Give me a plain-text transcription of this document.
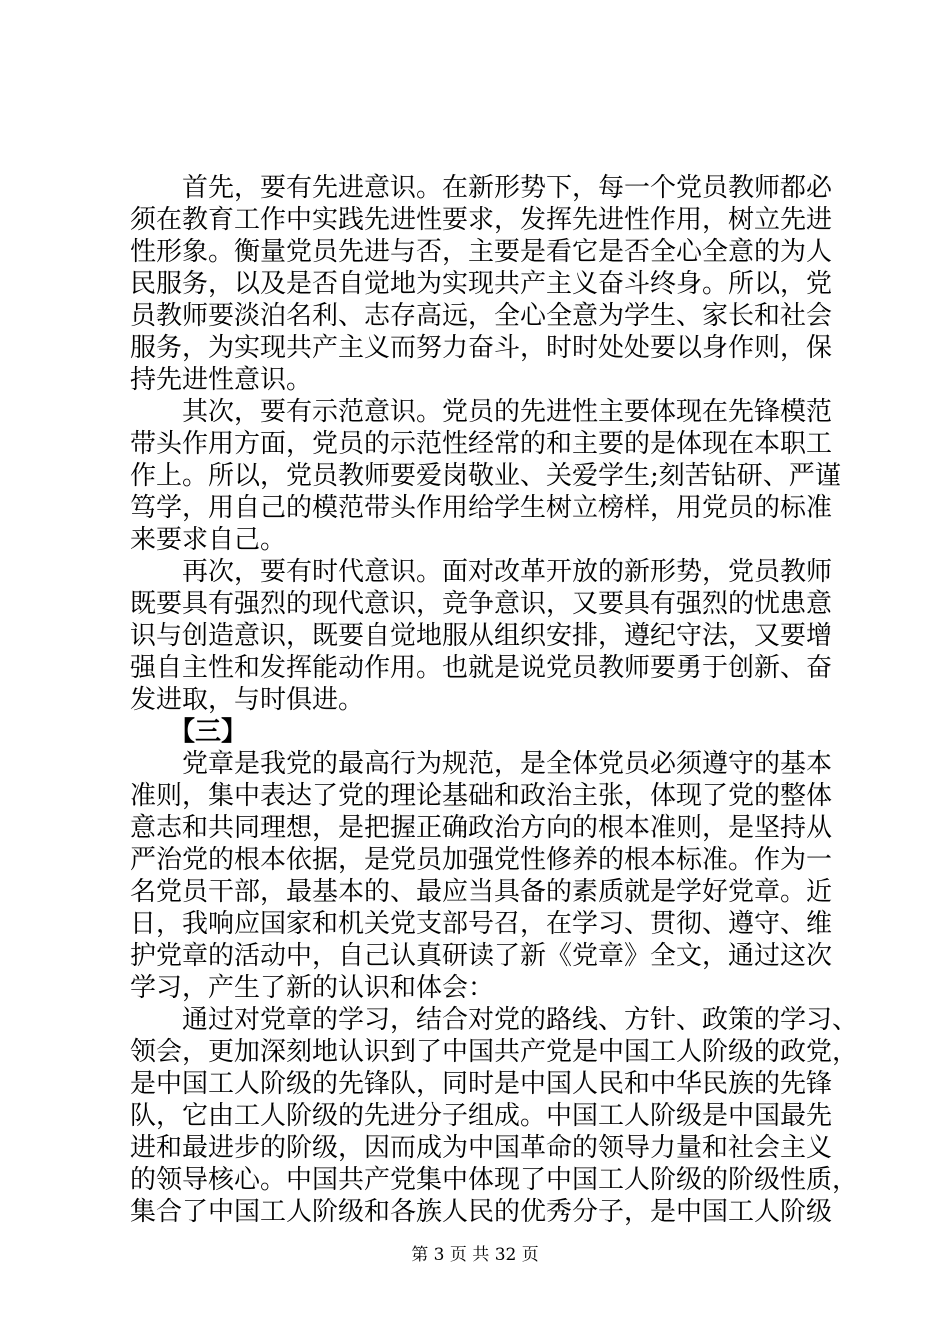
　　首先，要有先进意识。在新形势下，每一个党员教师都必
须在教育工作中实践先进性要求，发挥先进性作用，树立先进
性形象。衡量党员先进与否，主要是看它是否全心全意的为人
民服务，以及是否自觉地为实现共产主义奋斗终身。所以，党
员教师要淡泊名利、志存高远，全心全意为学生、家长和社会
服务，为实现共产主义而努力奋斗，时时处处要以身作则，保
持先进性意识。
　　其次，要有示范意识。党员的先进性主要体现在先锋模范
带头作用方面，党员的示范性经常的和主要的是体现在本职工
作上。所以，党员教师要爱岗敬业、关爱学生;刻苦钻研、严谨
笃学，用自己的模范带头作用给学生树立榜样，用党员的标准
来要求自己。
　　再次，要有时代意识。面对改革开放的新形势，党员教师
既要具有强烈的现代意识，竞争意识，又要具有强烈的忧患意
识与创造意识，既要自觉地服从组织安排，遵纪守法，又要增
强自主性和发挥能动作用。也就是说党员教师要勇于创新、奋
发进取，与时俱进。
　　【三】
　　党章是我党的最高行为规范，是全体党员必须遵守的基本
准则，集中表达了党的理论基础和政治主张，体现了党的整体
意志和共同理想，是把握正确政治方向的根本准则，是坚持从
严治党的根本依据，是党员加强党性修养的根本标准。作为一
名党员干部，最基本的、最应当具备的素质就是学好党章。近
日，我响应国家和机关党支部号召，在学习、贯彻、遵守、维
护党章的活动中，自己认真研读了新《党章》全文，通过这次
学习，产生了新的认识和体会：
　　通过对党章的学习，结合对党的路线、方针、政策的学习、
领会，更加深刻地认识到了中国共产党是中国工人阶级的政党，
是中国工人阶级的先锋队，同时是中国人民和中华民族的先锋
队，它由工人阶级的先进分子组成。中国工人阶级是中国最先
进和最进步的阶级，因而成为中国革命的领导力量和社会主义
的领导核心。中国共产党集中体现了中国工人阶级的阶级性质，
集合了中国工人阶级和各族人民的优秀分子，是中国工人阶级
第 3 页 共 32 页
